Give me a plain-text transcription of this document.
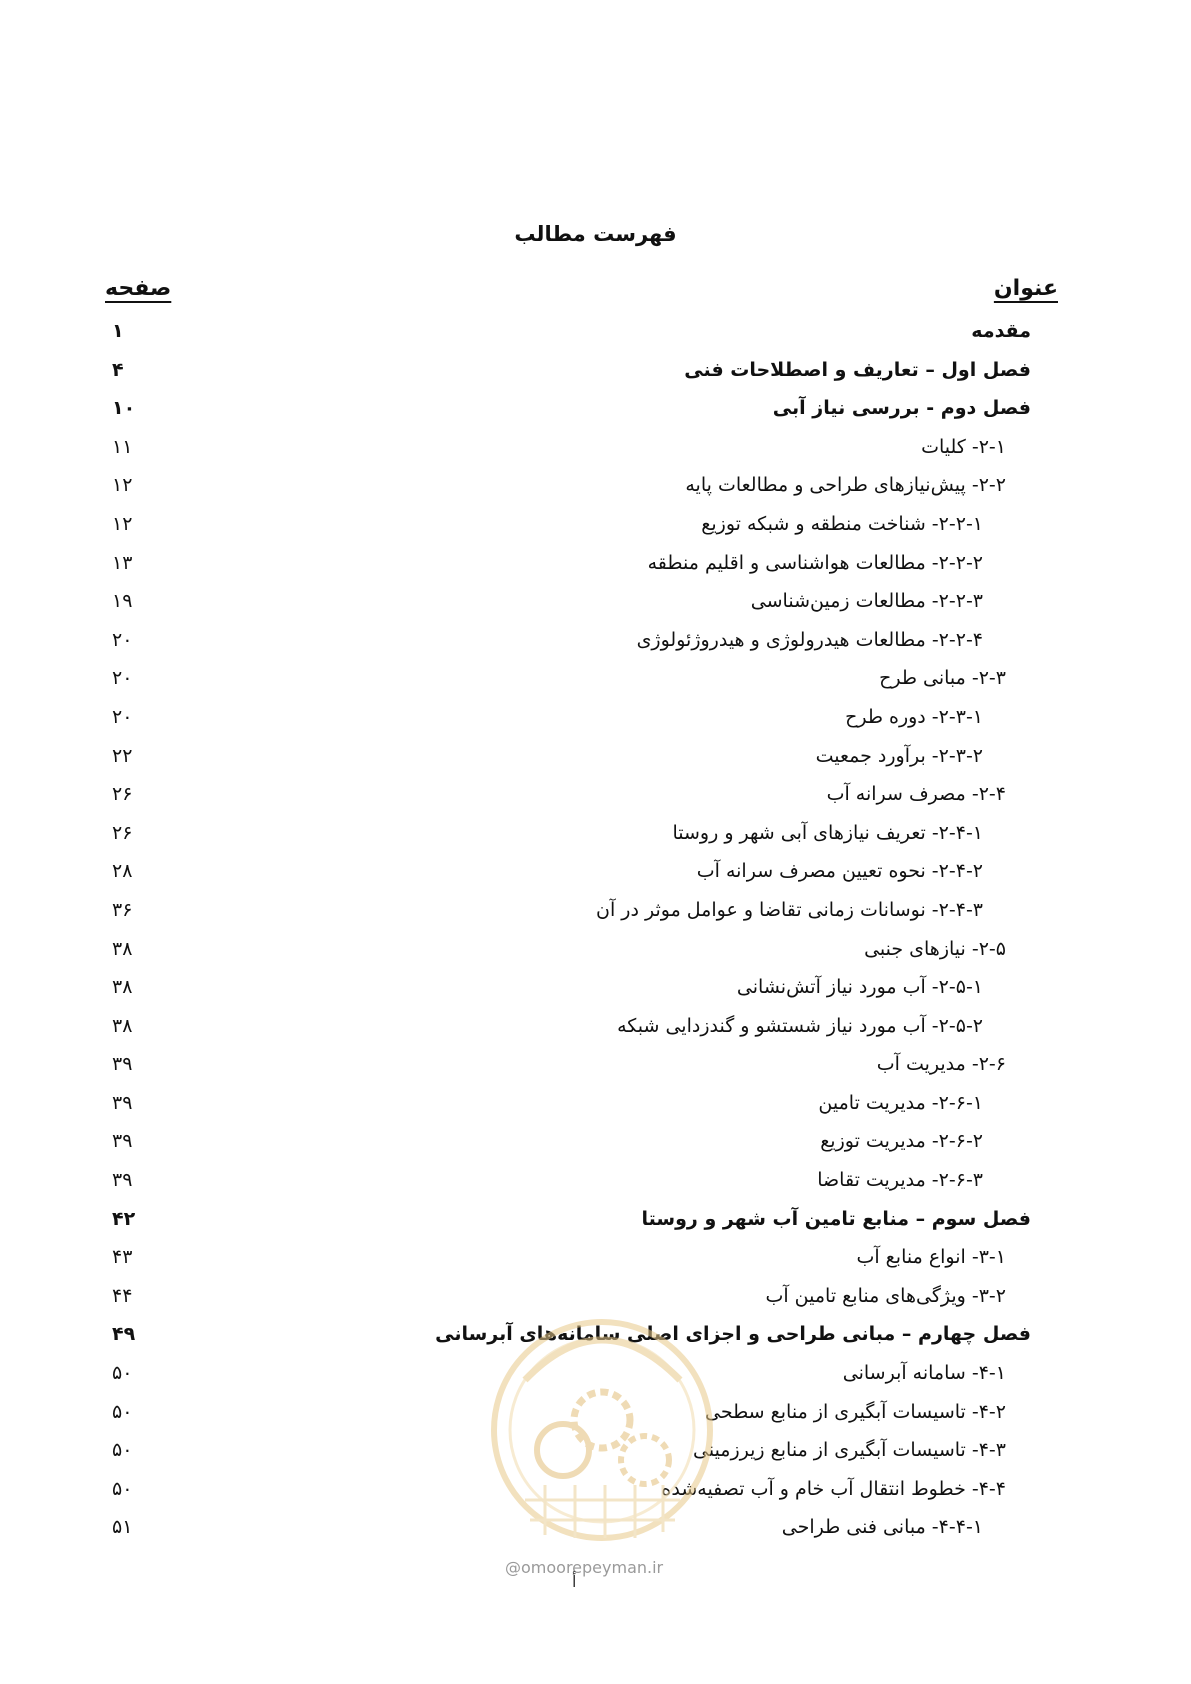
فهرست مطالب
عنوان
صفحه
مقدمه
۱
فصل اول – تعاریف و اصطلاحات فنی
۴
فصل دوم - بررسی نیاز آبی
۱۰
۲-۱- کلیات
۱۱
۲-۲- پیش‌نیازهای طراحی و مطالعات پایه
۱۲
۲-۲-۱- شناخت منطقه و شبکه توزیع
۱۲
۲-۲-۲- مطالعات هواشناسی و اقلیم منطقه
۱۳
۲-۲-۳- مطالعات زمین‌شناسی
۱۹
۲-۲-۴- مطالعات هیدرولوژی و هیدروژئولوژی
۲۰
۲-۳- مبانی طرح
۲۰
۲-۳-۱- دوره طرح
۲۰
۲-۳-۲- برآورد جمعیت
۲۲
۲-۴- مصرف سرانه آب
۲۶
۲-۴-۱- تعریف نیازهای آبی شهر و روستا
۲۶
۲-۴-۲- نحوه تعیین مصرف سرانه آب
۲۸
۲-۴-۳- نوسانات زمانی تقاضا و عوامل موثر در آن
۳۶
۲-۵- نیازهای جنبی
۳۸
۲-۵-۱- آب مورد نیاز آتش‌نشانی
۳۸
۲-۵-۲- آب مورد نیاز شستشو و گندزدایی شبکه
۳۸
۲-۶- مدیریت آب
۳۹
۲-۶-۱- مدیریت تامین
۳۹
۲-۶-۲- مدیریت توزیع
۳۹
۲-۶-۳- مدیریت تقاضا
۳۹
فصل سوم – منابع تامین آب شهر و روستا
۴۲
۳-۱- انواع منابع آب
۴۳
۳-۲- ویژگی‌های منابع تامین آب
۴۴
فصل چهارم – مبانی طراحی و اجزای اصلی سامانه‌های آبرسانی
۴۹
۴-۱- سامانه آبرسانی
۵۰
۴-۲- تاسیسات آبگیری از منابع سطحی
۵۰
۴-۳- تاسیسات آبگیری از منابع زیرزمینی
۵۰
۴-۴- خطوط انتقال آب خام و آب تصفیه‌شده
۵۰
۴-۴-۱- مبانی فنی طراحی
۵۱
@omoorepeyman.ir
أ
